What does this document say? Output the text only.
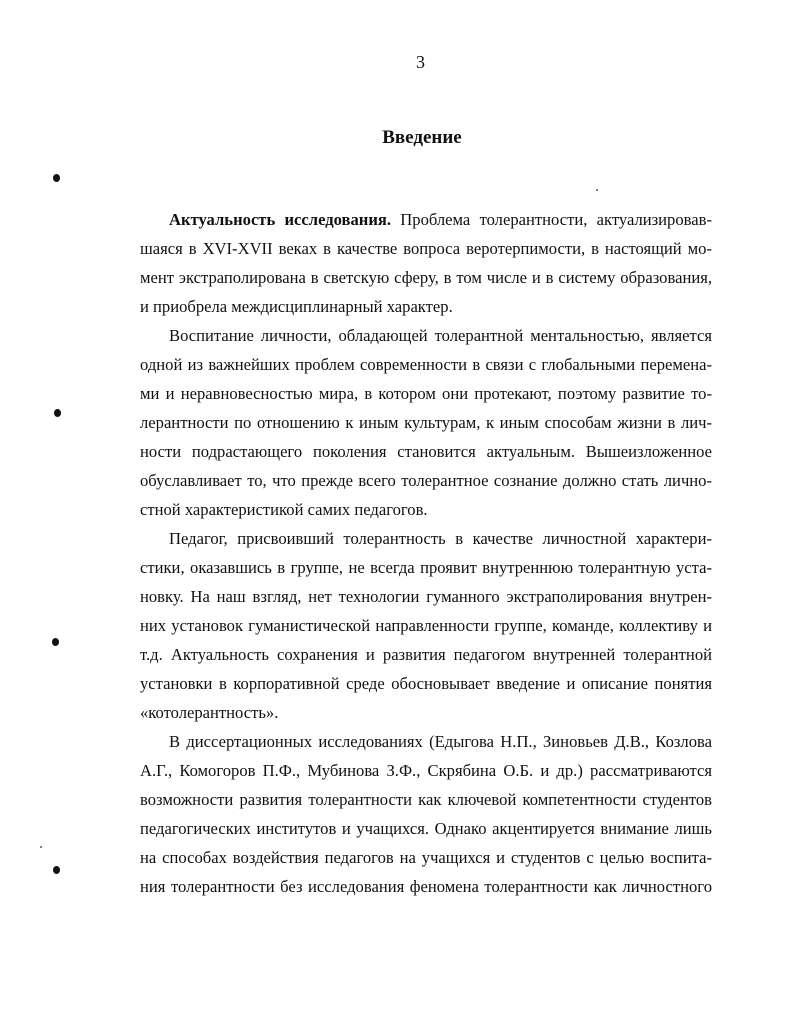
3
Введение
Актуальность исследования. Проблема толерантности, актуализировав-
шаяся в XVI-XVII веках в качестве вопроса веротерпимости, в настоящий мо-
мент экстраполирована в светскую сферу, в том числе и в систему образования,
и приобрела междисциплинарный характер.
Воспитание личности, обладающей толерантной ментальностью, является
одной из важнейших проблем современности в связи с глобальными перемена-
ми и неравновесностью мира, в котором они протекают, поэтому развитие то-
лерантности по отношению к иным культурам, к иным способам жизни в лич-
ности подрастающего поколения становится актуальным. Вышеизложенное
обуславливает то, что прежде всего толерантное сознание должно стать лично-
стной характеристикой самих педагогов.
Педагог, присвоивший толерантность в качестве личностной характери-
стики, оказавшись в группе, не всегда проявит внутреннюю толерантную уста-
новку. На наш взгляд, нет технологии гуманного экстраполирования внутрен-
них установок гуманистической направленности группе, команде, коллективу и
т.д. Актуальность сохранения и развития педагогом внутренней толерантной
установки в корпоративной среде обосновывает введение и описание понятия
«котолерантность».
В диссертационных исследованиях (Едыгова Н.П., Зиновьев Д.В., Козлова
А.Г., Комогоров П.Ф., Мубинова З.Ф., Скрябина О.Б. и др.) рассматриваются
возможности развития толерантности как ключевой компетентности студентов
педагогических институтов и учащихся. Однако акцентируется внимание лишь
на способах воздействия педагогов на учащихся и студентов с целью воспита-
ния толерантности без исследования феномена толерантности как личностного
